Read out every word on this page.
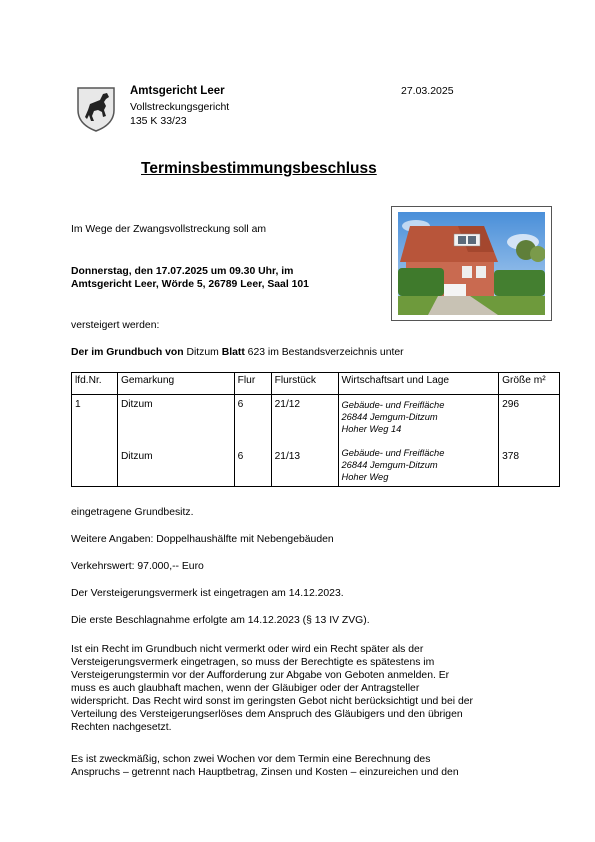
Amtsgericht Leer
Vollstreckungsgericht
135 K 33/23
27.03.2025
Terminsbestimmungsbeschluss
Im Wege der Zwangsvollstreckung soll am
Donnerstag, den 17.07.2025 um 09.30 Uhr, im
Amtsgericht Leer, Wörde 5, 26789 Leer, Saal 101
versteigert werden:
Der im Grundbuch von Ditzum Blatt 623 im Bestandsverzeichnis unter
lfd.Nr.	Gemarkung	Flur	Flurstück	Wirtschaftsart und Lage	Größe m²
1	Ditzum	6	21/12	Gebäude- und Freifläche
26844 Jemgum-Ditzum
Hoher Weg 14	296
	Ditzum	6	21/13	Gebäude- und Freifläche
26844 Jemgum-Ditzum
Hoher Weg	378
eingetragene Grundbesitz.
Weitere Angaben: Doppelhaushälfte mit Nebengebäuden
Verkehrswert: 97.000,-- Euro
Der Versteigerungsvermerk ist eingetragen am 14.12.2023.
Die erste Beschlagnahme erfolgte am 14.12.2023 (§ 13 IV ZVG).
Ist ein Recht im Grundbuch nicht vermerkt oder wird ein Recht später als der
Versteigerungsvermerk eingetragen, so muss der Berechtigte es spätestens im
Versteigerungstermin vor der Aufforderung zur Abgabe von Geboten anmelden. Er
muss es auch glaubhaft machen, wenn der Gläubiger oder der Antragsteller
widerspricht. Das Recht wird sonst im geringsten Gebot nicht berücksichtigt und bei der
Verteilung des Versteigerungserlöses dem Anspruch des Gläubigers und den übrigen
Rechten nachgesetzt.
Es ist zweckmäßig, schon zwei Wochen vor dem Termin eine Berechnung des
Anspruchs – getrennt nach Hauptbetrag, Zinsen und Kosten – einzureichen und den
